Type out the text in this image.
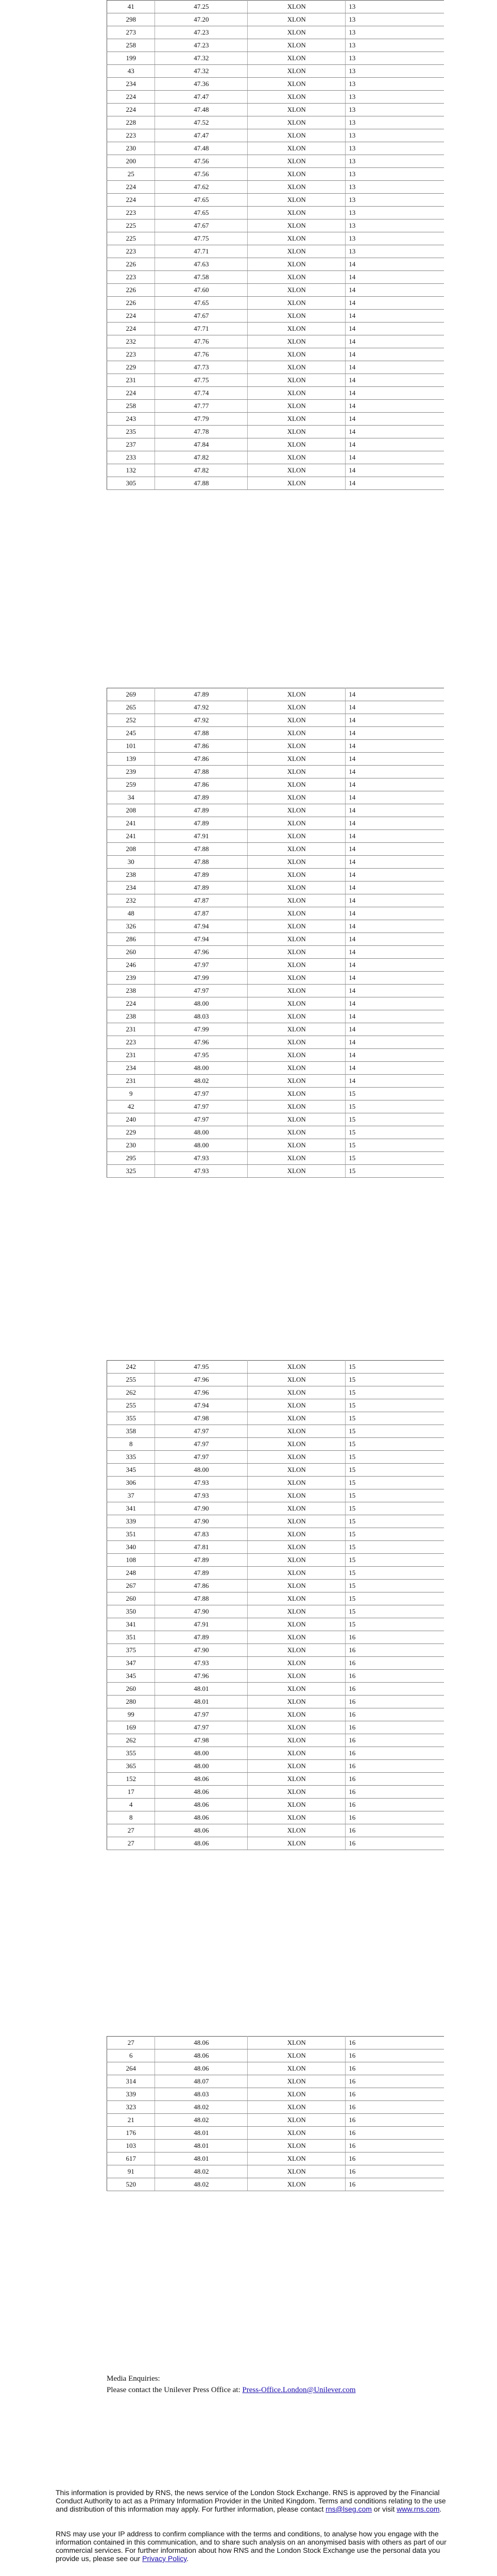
41	47.25	XLON	13
298	47.20	XLON	13
273	47.23	XLON	13
258	47.23	XLON	13
199	47.32	XLON	13
43	47.32	XLON	13
234	47.36	XLON	13
224	47.47	XLON	13
224	47.48	XLON	13
228	47.52	XLON	13
223	47.47	XLON	13
230	47.48	XLON	13
200	47.56	XLON	13
25	47.56	XLON	13
224	47.62	XLON	13
224	47.65	XLON	13
223	47.65	XLON	13
225	47.67	XLON	13
225	47.75	XLON	13
223	47.71	XLON	13
226	47.63	XLON	14
223	47.58	XLON	14
226	47.60	XLON	14
226	47.65	XLON	14
224	47.67	XLON	14
224	47.71	XLON	14
232	47.76	XLON	14
223	47.76	XLON	14
229	47.73	XLON	14
231	47.75	XLON	14
224	47.74	XLON	14
258	47.77	XLON	14
243	47.79	XLON	14
235	47.78	XLON	14
237	47.84	XLON	14
233	47.82	XLON	14
132	47.82	XLON	14
305	47.88	XLON	14
269	47.89	XLON	14
265	47.92	XLON	14
252	47.92	XLON	14
245	47.88	XLON	14
101	47.86	XLON	14
139	47.86	XLON	14
239	47.88	XLON	14
259	47.86	XLON	14
34	47.89	XLON	14
208	47.89	XLON	14
241	47.89	XLON	14
241	47.91	XLON	14
208	47.88	XLON	14
30	47.88	XLON	14
238	47.89	XLON	14
234	47.89	XLON	14
232	47.87	XLON	14
48	47.87	XLON	14
326	47.94	XLON	14
286	47.94	XLON	14
260	47.96	XLON	14
246	47.97	XLON	14
239	47.99	XLON	14
238	47.97	XLON	14
224	48.00	XLON	14
238	48.03	XLON	14
231	47.99	XLON	14
223	47.96	XLON	14
231	47.95	XLON	14
234	48.00	XLON	14
231	48.02	XLON	14
9	47.97	XLON	15
42	47.97	XLON	15
240	47.97	XLON	15
229	48.00	XLON	15
230	48.00	XLON	15
295	47.93	XLON	15
325	47.93	XLON	15
242	47.95	XLON	15
255	47.96	XLON	15
262	47.96	XLON	15
255	47.94	XLON	15
355	47.98	XLON	15
358	47.97	XLON	15
8	47.97	XLON	15
335	47.97	XLON	15
345	48.00	XLON	15
306	47.93	XLON	15
37	47.93	XLON	15
341	47.90	XLON	15
339	47.90	XLON	15
351	47.83	XLON	15
340	47.81	XLON	15
108	47.89	XLON	15
248	47.89	XLON	15
267	47.86	XLON	15
260	47.88	XLON	15
350	47.90	XLON	15
341	47.91	XLON	15
351	47.89	XLON	16
375	47.90	XLON	16
347	47.93	XLON	16
345	47.96	XLON	16
260	48.01	XLON	16
280	48.01	XLON	16
99	47.97	XLON	16
169	47.97	XLON	16
262	47.98	XLON	16
355	48.00	XLON	16
365	48.00	XLON	16
152	48.06	XLON	16
17	48.06	XLON	16
4	48.06	XLON	16
8	48.06	XLON	16
27	48.06	XLON	16
27	48.06	XLON	16
27	48.06	XLON	16
6	48.06	XLON	16
264	48.06	XLON	16
314	48.07	XLON	16
339	48.03	XLON	16
323	48.02	XLON	16
21	48.02	XLON	16
176	48.01	XLON	16
103	48.01	XLON	16
617	48.01	XLON	16
91	48.02	XLON	16
520	48.02	XLON	16
Media Enquiries:
Please contact the Unilever Press Office at: Press-Office.London@Unilever.com
This information is provided by RNS, the news service of the London Stock Exchange. RNS is approved by the Financial Conduct Authority to act as a Primary Information Provider in the United Kingdom. Terms and conditions relating to the use and distribution of this information may apply. For further information, please contact rns@lseg.com or visit www.rns.com.
RNS may use your IP address to confirm compliance with the terms and conditions, to analyse how you engage with the information contained in this communication, and to share such analysis on an anonymised basis with others as part of our commercial services. For further information about how RNS and the London Stock Exchange use the personal data you provide us, please see our Privacy Policy.
